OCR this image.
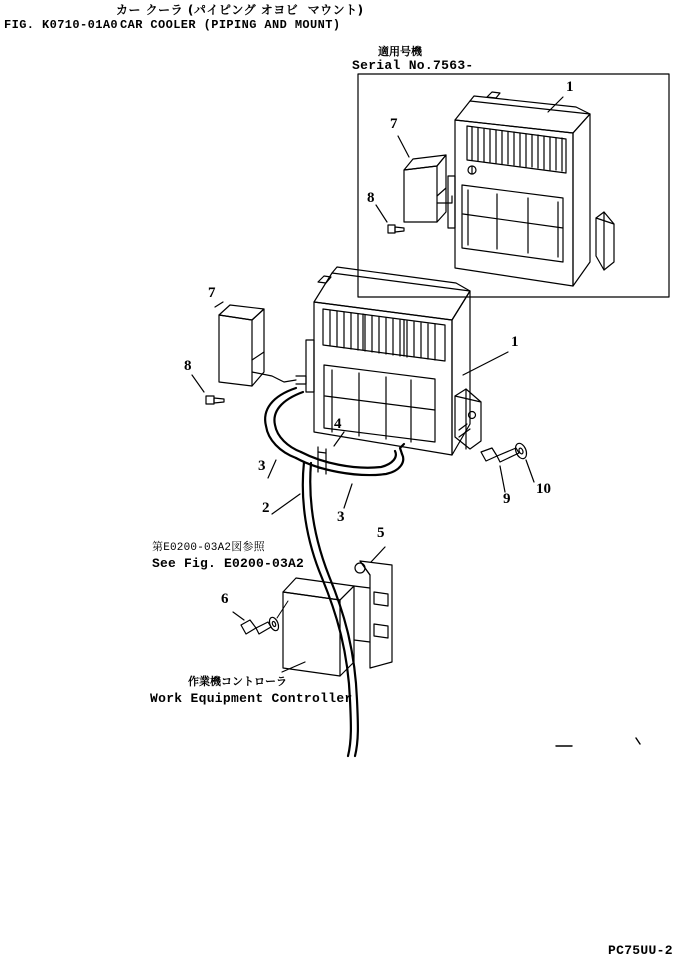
カー クーラ (パイピング オヨビ  マウント)
FIG. K0710-01A0 CAR COOLER (PIPING AND MOUNT)
適用号機
Serial No.7563-
第E0200-03A2図参照
See Fig. E0200-03A2
作業機コントローラ
Work Equipment Controller
PC75UU-2
1
7
8
7
1
8
4
3
10
9
3
2
5
6
